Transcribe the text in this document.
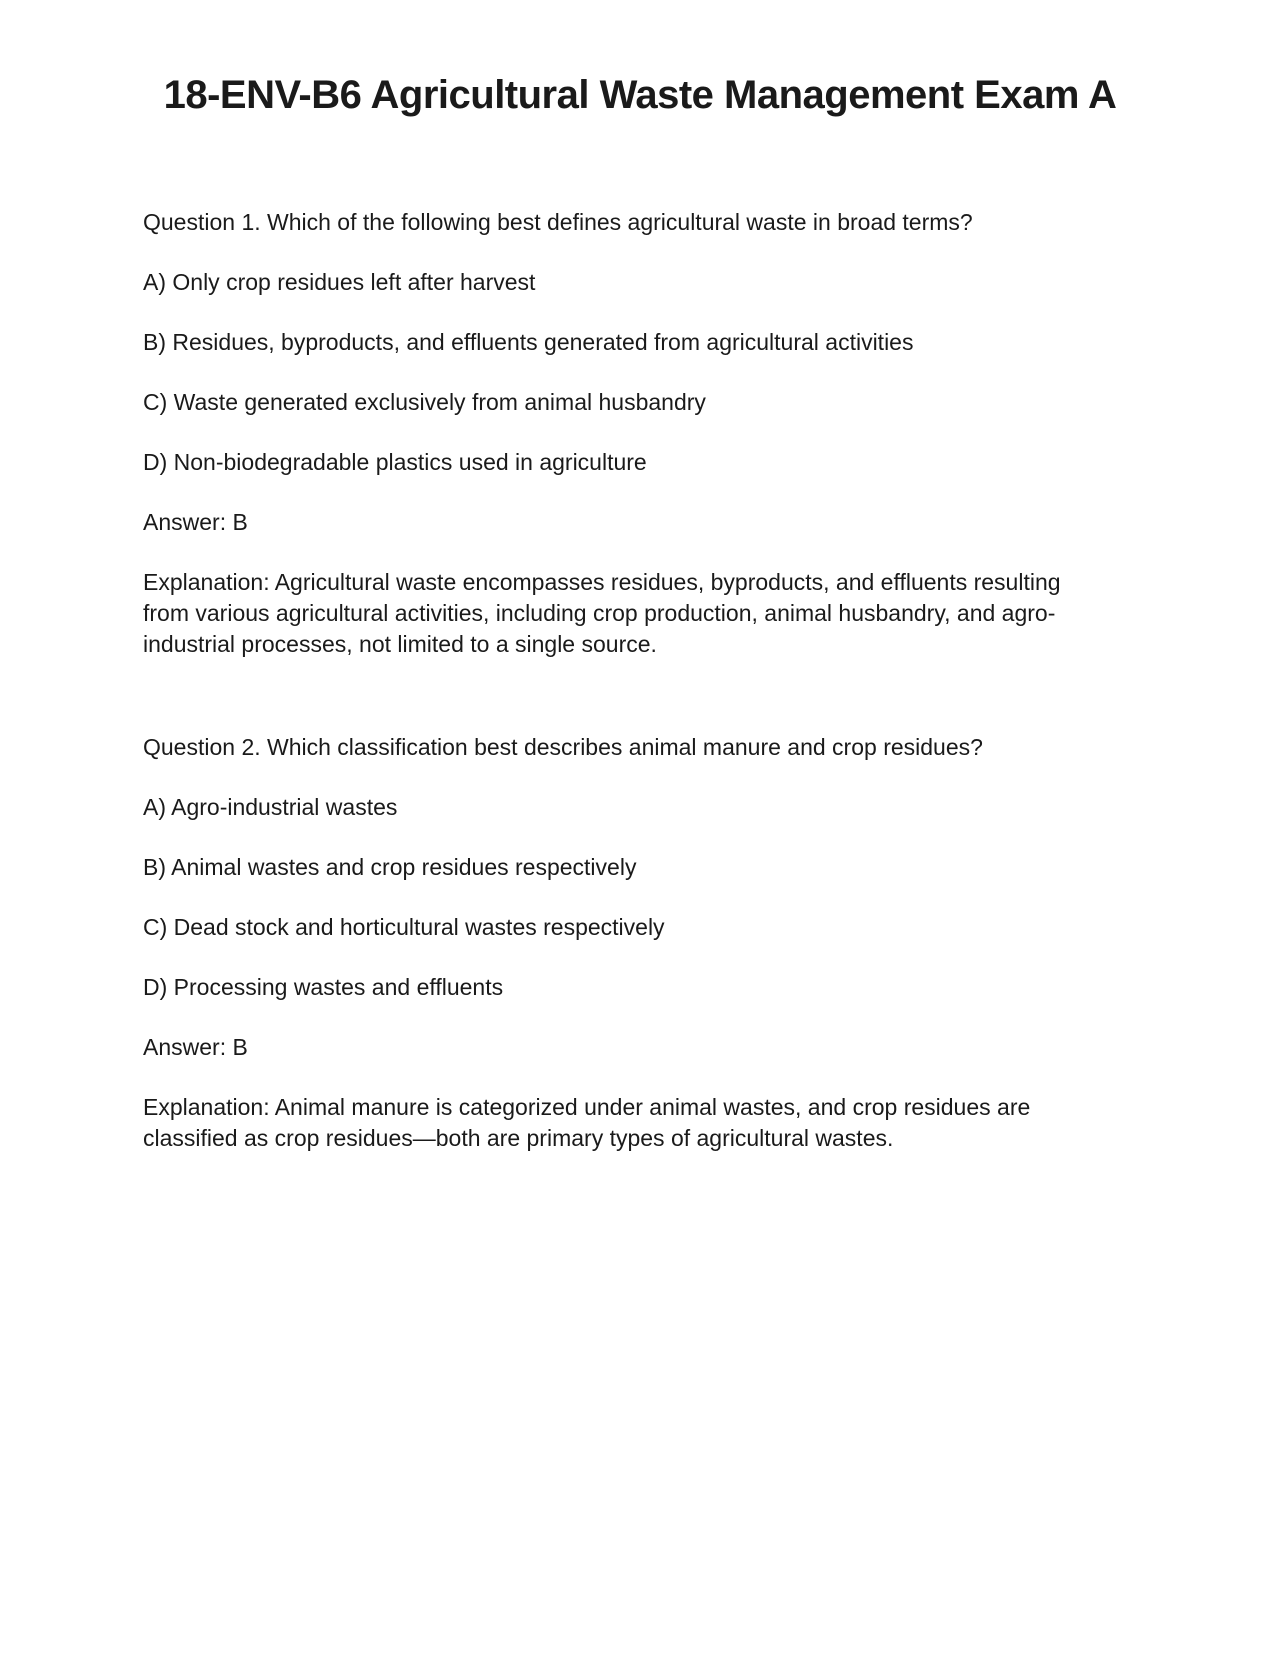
18-ENV-B6 Agricultural Waste Management Exam A

Question 1. Which of the following best defines agricultural waste in broad terms?

A) Only crop residues left after harvest

B) Residues, byproducts, and effluents generated from agricultural activities

C) Waste generated exclusively from animal husbandry

D) Non-biodegradable plastics used in agriculture

Answer: B

Explanation: Agricultural waste encompasses residues, byproducts, and effluents resulting from various agricultural activities, including crop production, animal husbandry, and agro-industrial processes, not limited to a single source.

Question 2. Which classification best describes animal manure and crop residues?

A) Agro-industrial wastes

B) Animal wastes and crop residues respectively

C) Dead stock and horticultural wastes respectively

D) Processing wastes and effluents

Answer: B

Explanation: Animal manure is categorized under animal wastes, and crop residues are classified as crop residues—both are primary types of agricultural wastes.
